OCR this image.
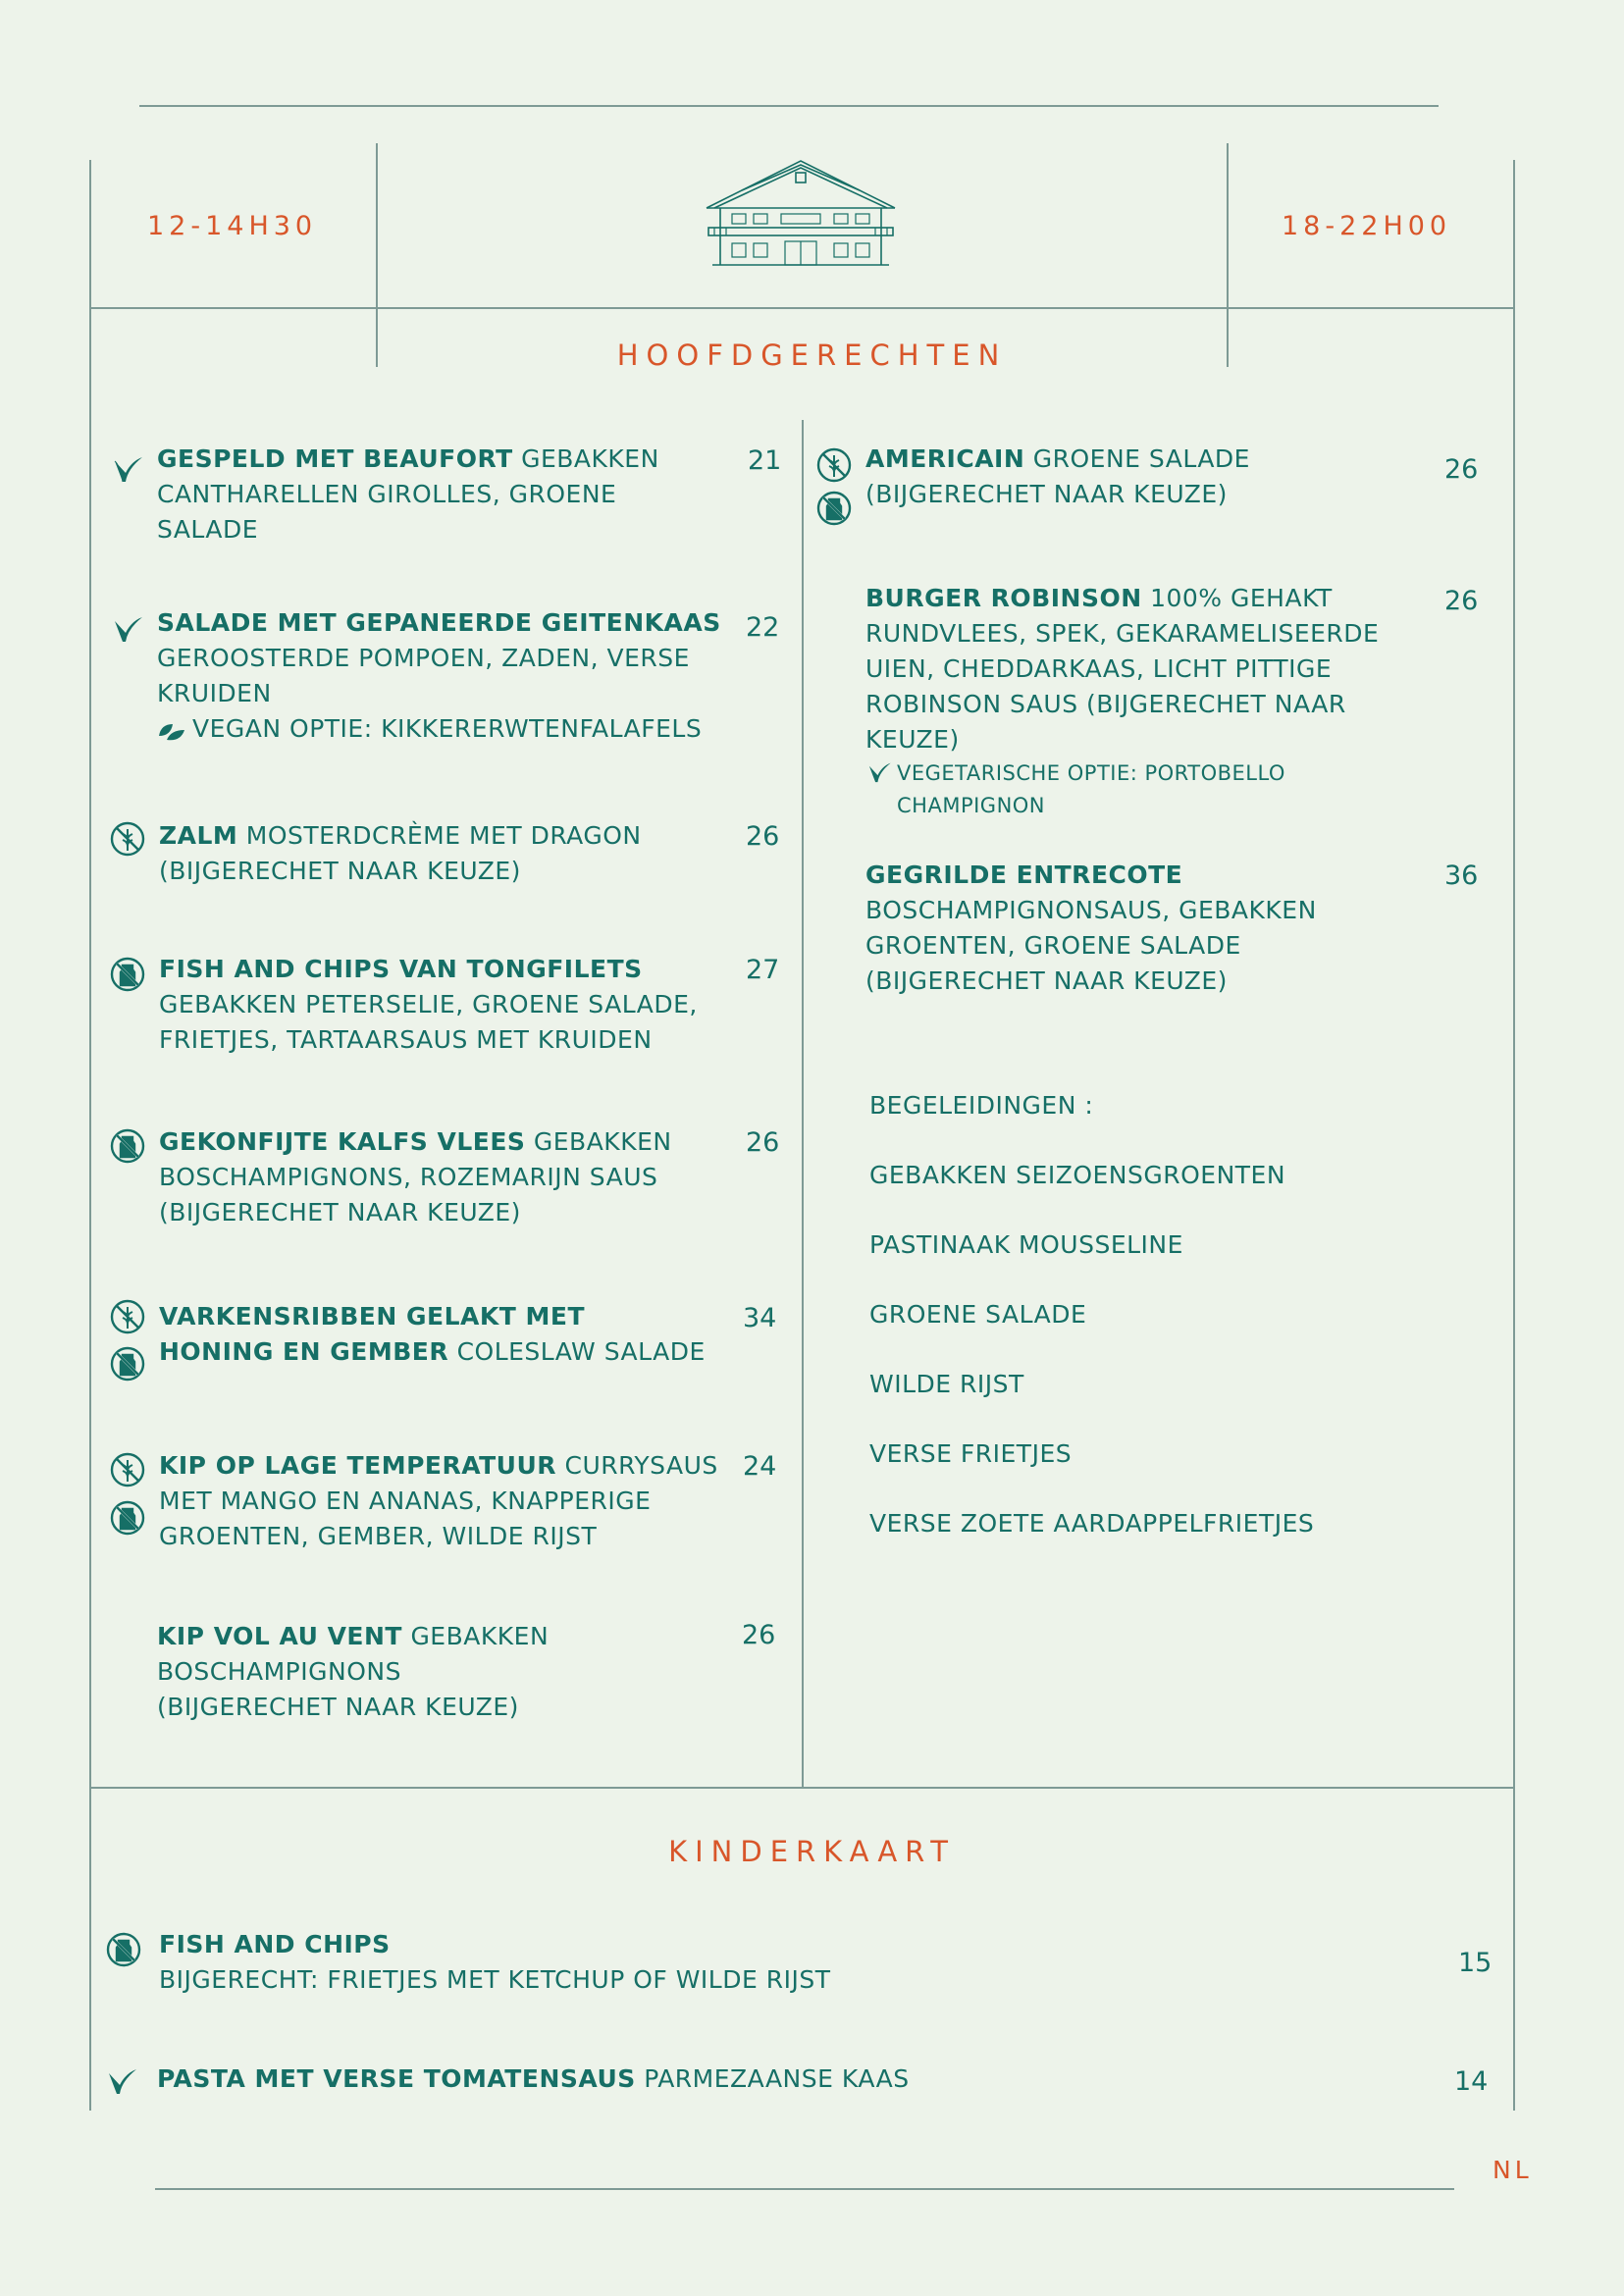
12-14H30	18-22H00
HOOFDGERECHTEN
GESPELD MET BEAUFORT GEBAKKEN CANTHARELLEN GIROLLES, GROENE SALADE
21
SALADE MET GEPANEERDE GEITENKAAS GEROOSTERDE POMPOEN, ZADEN, VERSE KRUIDEN
VEGAN OPTIE: KIKKERERWTENFALAFELS
22
ZALM MOSTERDCRÈME MET DRAGON (BIJGERECHET NAAR KEUZE)
26
FISH AND CHIPS VAN TONGFILETS GEBAKKEN PETERSELIE, GROENE SALADE, FRIETJES, TARTAARSAUS MET KRUIDEN
27
GEKONFIJTE KALFS VLEES GEBAKKEN BOSCHAMPIGNONS, ROZEMARIJN SAUS (BIJGERECHET NAAR KEUZE)
26
VARKENSRIBBEN GELAKT MET HONING EN GEMBER COLESLAW SALADE
34
KIP OP LAGE TEMPERATUUR CURRYSAUS MET MANGO EN ANANAS, KNAPPERIGE GROENTEN, GEMBER, WILDE RIJST
24
KIP VOL AU VENT GEBAKKEN BOSCHAMPIGNONS (BIJGERECHET NAAR KEUZE)
26
AMERICAIN GROENE SALADE (BIJGERECHET NAAR KEUZE)
26
BURGER ROBINSON 100% GEHAKT RUNDVLEES, SPEK, GEKARAMELISEERDE UIEN, CHEDDARKAAS, LICHT PITTIGE ROBINSON SAUS (BIJGERECHET NAAR KEUZE)
VEGETARISCHE OPTIE: PORTOBELLO CHAMPIGNON
26
GEGRILDE ENTRECOTE
BOSCHAMPIGNONSAUS, GEBAKKEN GROENTEN, GROENE SALADE (BIJGERECHET NAAR KEUZE)
36
BEGELEIDINGEN :
GEBAKKEN SEIZOENSGROENTEN
PASTINAAK MOUSSELINE
GROENE SALADE
WILDE RIJST
VERSE FRIETJES
VERSE ZOETE AARDAPPELFRIETJES
KINDERKAART
FISH AND CHIPS
BIJGERECHT: FRIETJES MET KETCHUP OF WILDE RIJST
15
PASTA MET VERSE TOMATENSAUS PARMEZAANSE KAAS	14
NL
